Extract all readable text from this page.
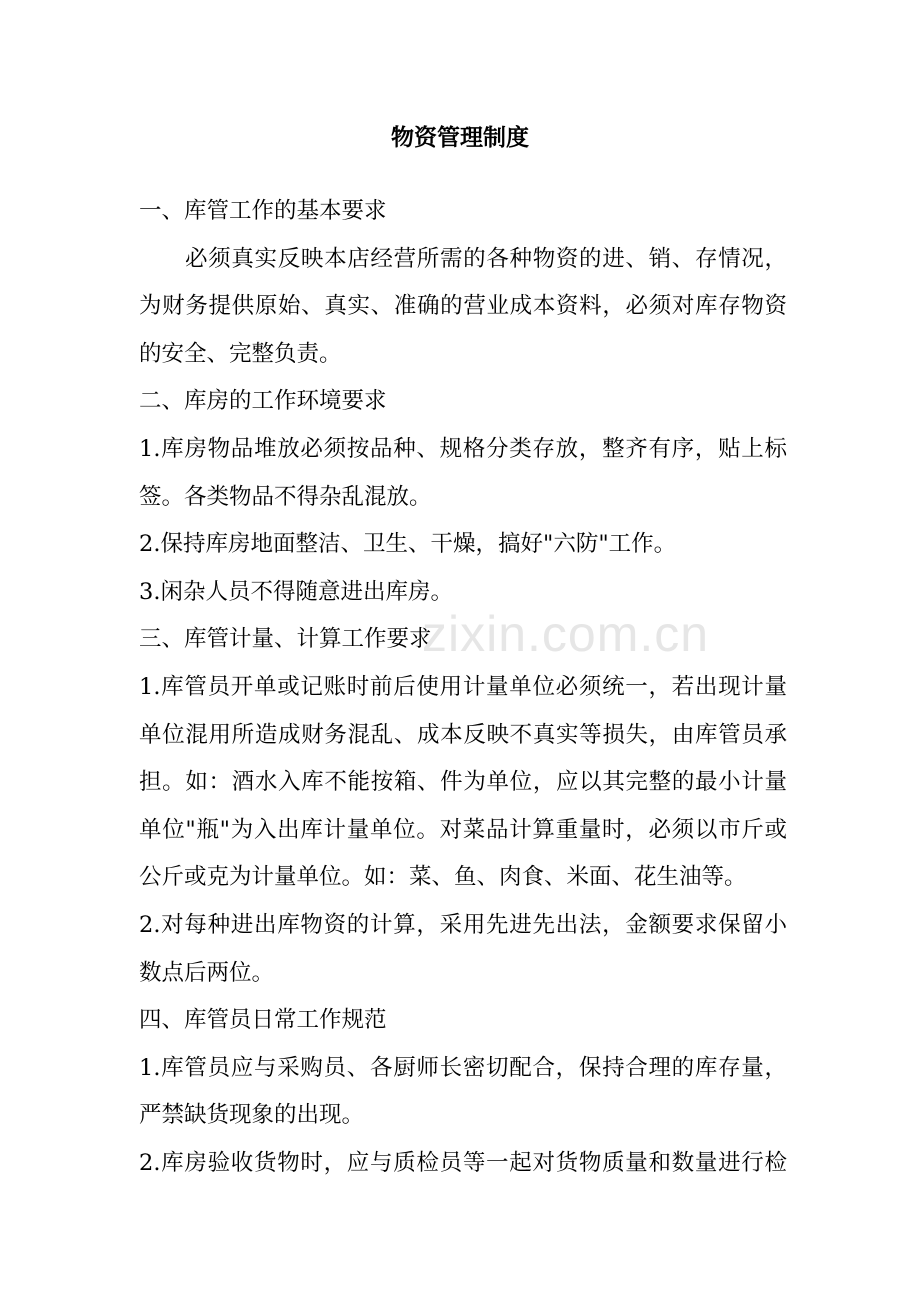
物资管理制度
一、库管工作的基本要求
必须真实反映本店经营所需的各种物资的进、销、存情况，
为财务提供原始、真实、准确的营业成本资料，必须对库存物资
的安全、完整负责。
二、库房的工作环境要求
1.库房物品堆放必须按品种、规格分类存放，整齐有序，贴上标
签。各类物品不得杂乱混放。
2.保持库房地面整洁、卫生、干燥，搞好"六防"工作。
3.闲杂人员不得随意进出库房。
三、库管计量、计算工作要求
1.库管员开单或记账时前后使用计量单位必须统一，若出现计量
单位混用所造成财务混乱、成本反映不真实等损失，由库管员承
担。如：酒水入库不能按箱、件为单位，应以其完整的最小计量
单位"瓶"为入出库计量单位。对菜品计算重量时，必须以市斤或
公斤或克为计量单位。如：菜、鱼、肉食、米面、花生油等。
2.对每种进出库物资的计算，采用先进先出法，金额要求保留小
数点后两位。
四、库管员日常工作规范
1.库管员应与采购员、各厨师长密切配合，保持合理的库存量，
严禁缺货现象的出现。
2.库房验收货物时，应与质检员等一起对货物质量和数量进行检
zixin.com.cn
